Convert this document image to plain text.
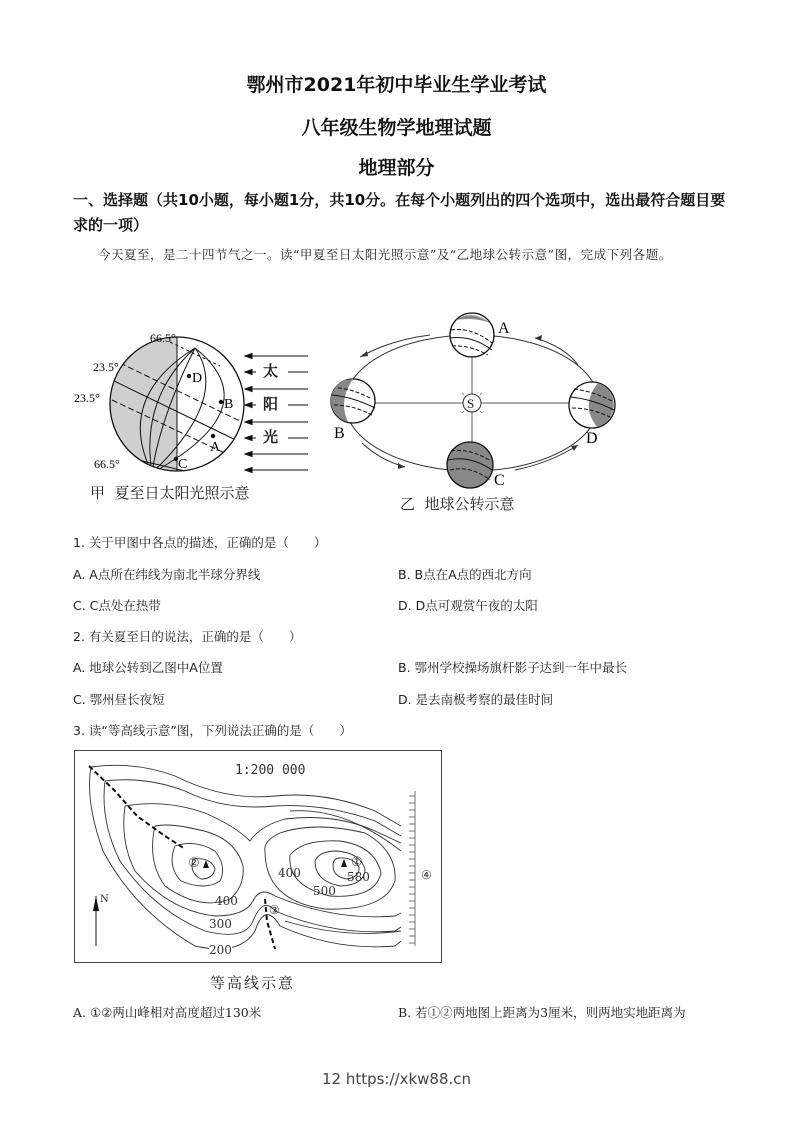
鄂州市2021年初中毕业生学业考试
八年级生物学地理试题
地理部分
一、选择题（共10小题，每小题1分，共10分。在每个小题列出的四个选项中，选出最符合题目要求的一项）
今天夏至，是二十四节气之一。读“甲夏至日太阳光照示意”及“乙地球公转示意”图，完成下列各题。
D
B
A
C
66.5°
23.5°
23.5°
66.5°
太
阳
光
甲  夏至日太阳光照示意
S
A
B
C
D
乙  地球公转示意
1. 关于甲图中各点的描述，正确的是（　　）
A. A点所在纬线为南北半球分界线	B. B点在A点的西北方向
C. C点处在热带	D. D点可观赏午夜的太阳
2. 有关夏至日的说法，正确的是（　　）
A. 地球公转到乙图中A位置	B. 鄂州学校操场旗杆影子达到一年中最长
C. 鄂州昼长夜短	D. 是去南极考察的最佳时间
3. 读“等高线示意”图，下列说法正确的是（　　）
1:200 000
N
②	①
③
④
580
500
400
400
300
200
等高线示意
A. ①②两山峰相对高度超过130米	B. 若①②两地图上距离为3厘米，则两地实地距离为
12 https://xkw88.cn
